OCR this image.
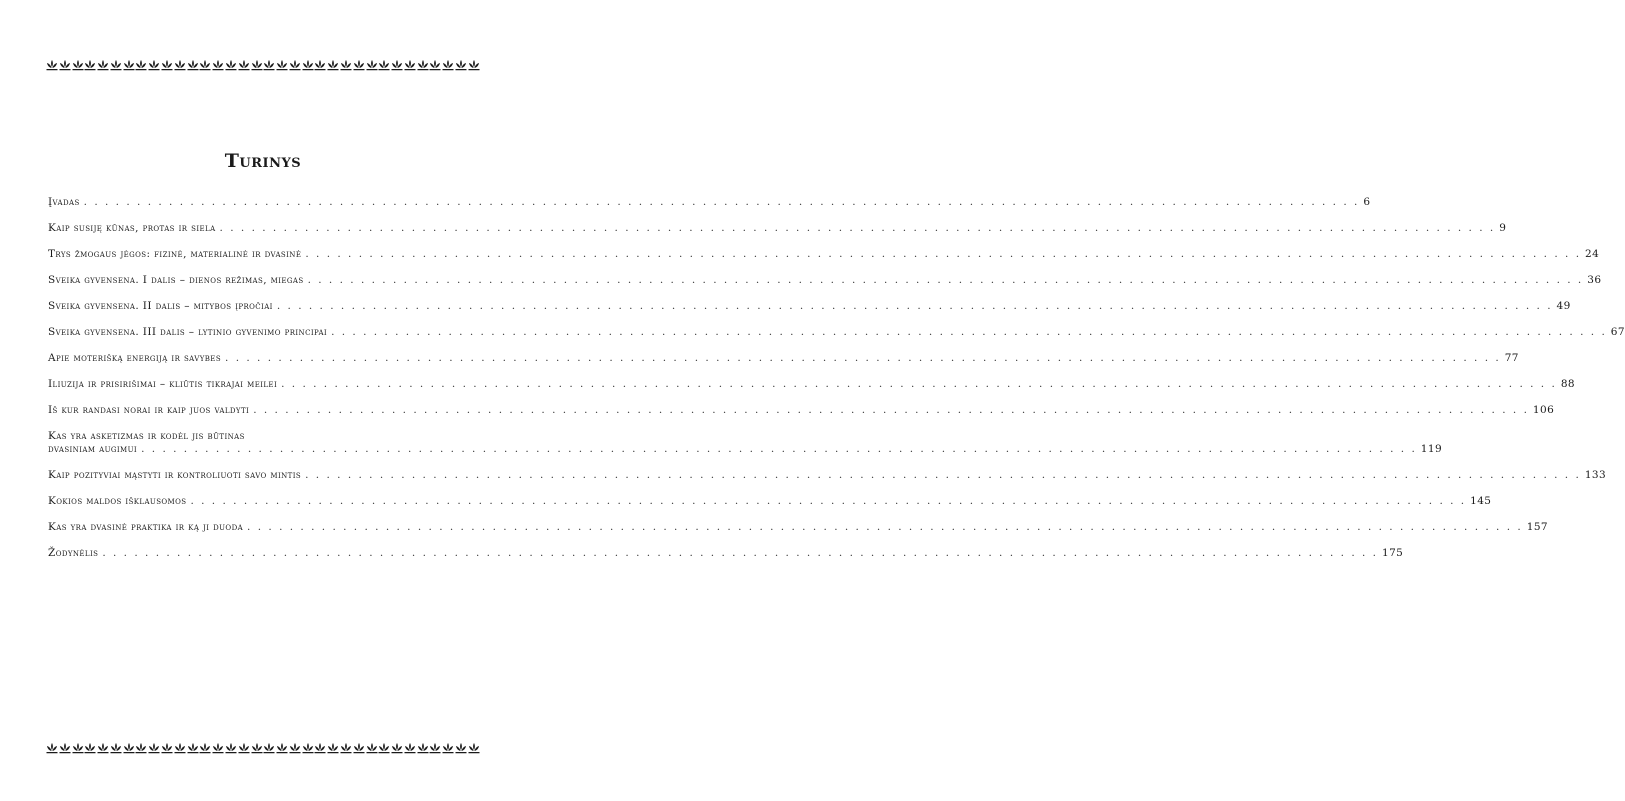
Turinys
Įvadas . . . . . . . . . . . . . . . . . . . . . . . . . . . . . . . . . . . . . . . . . . . . . . . . . . . . . . . . . . . . . . . . . . . . . . . . . . . . . . . . . . . . . . . . . . . . . . . . . . . . . . . . . . . . . . . . . . . . . . . . 6
Kaip susiję kūnas, protas ir siela . . . . . . . . . . . . . . . . . . . . . . . . . . . . . . . . . . . . . . . . . . . . . . . . . . . . . . . . . . . . . . . . . . . . . . . . . . . . . . . . . . . . . . . . . . . . . . . . . . . . . . . . . . . . . . . . . . . . . . . . 9
Trys žmogaus jėgos: fizinė, materialinė ir dvasinė . . . . . . . . . . . . . . . . . . . . . . . . . . . . . . . . . . . . . . . . . . . . . . . . . . . . . . . . . . . . . . . . . . . . . . . . . . . . . . . . . . . . . . . . . . . . . . . . . . . . . . . . . . . . . . . . . . . . . . . . 24
Sveika gyvensena. I dalis – dienos režimas, miegas . . . . . . . . . . . . . . . . . . . . . . . . . . . . . . . . . . . . . . . . . . . . . . . . . . . . . . . . . . . . . . . . . . . . . . . . . . . . . . . . . . . . . . . . . . . . . . . . . . . . . . . . . . . . . . . . . . . . . . . . 36
Sveika gyvensena. II dalis – mitybos įpročiai . . . . . . . . . . . . . . . . . . . . . . . . . . . . . . . . . . . . . . . . . . . . . . . . . . . . . . . . . . . . . . . . . . . . . . . . . . . . . . . . . . . . . . . . . . . . . . . . . . . . . . . . . . . . . . . . . . . . . . . . 49
Sveika gyvensena. III dalis – lytinio gyvenimo principai . . . . . . . . . . . . . . . . . . . . . . . . . . . . . . . . . . . . . . . . . . . . . . . . . . . . . . . . . . . . . . . . . . . . . . . . . . . . . . . . . . . . . . . . . . . . . . . . . . . . . . . . . . . . . . . . . . . . . . . . 67
Apie moterišką energiją ir savybes . . . . . . . . . . . . . . . . . . . . . . . . . . . . . . . . . . . . . . . . . . . . . . . . . . . . . . . . . . . . . . . . . . . . . . . . . . . . . . . . . . . . . . . . . . . . . . . . . . . . . . . . . . . . . . . . . . . . . . . . 77
Iliuzija ir prisirišimai – kliūtis tikrajai meilei . . . . . . . . . . . . . . . . . . . . . . . . . . . . . . . . . . . . . . . . . . . . . . . . . . . . . . . . . . . . . . . . . . . . . . . . . . . . . . . . . . . . . . . . . . . . . . . . . . . . . . . . . . . . . . . . . . . . . . . . 88
Iš kur randasi norai ir kaip juos valdyti . . . . . . . . . . . . . . . . . . . . . . . . . . . . . . . . . . . . . . . . . . . . . . . . . . . . . . . . . . . . . . . . . . . . . . . . . . . . . . . . . . . . . . . . . . . . . . . . . . . . . . . . . . . . . . . . . . . . . . . . 106
Kas yra asketizmas ir kodėl jis būtinas
dvasiniam augimui . . . . . . . . . . . . . . . . . . . . . . . . . . . . . . . . . . . . . . . . . . . . . . . . . . . . . . . . . . . . . . . . . . . . . . . . . . . . . . . . . . . . . . . . . . . . . . . . . . . . . . . . . . . . . . . . . . . . . . . . 119
Kaip pozityviai mąstyti ir kontroliuoti savo mintis . . . . . . . . . . . . . . . . . . . . . . . . . . . . . . . . . . . . . . . . . . . . . . . . . . . . . . . . . . . . . . . . . . . . . . . . . . . . . . . . . . . . . . . . . . . . . . . . . . . . . . . . . . . . . . . . . . . . . . . . 133
Kokios maldos išklausomos . . . . . . . . . . . . . . . . . . . . . . . . . . . . . . . . . . . . . . . . . . . . . . . . . . . . . . . . . . . . . . . . . . . . . . . . . . . . . . . . . . . . . . . . . . . . . . . . . . . . . . . . . . . . . . . . . . . . . . . . 145
Kas yra dvasinė praktika ir ką ji duoda . . . . . . . . . . . . . . . . . . . . . . . . . . . . . . . . . . . . . . . . . . . . . . . . . . . . . . . . . . . . . . . . . . . . . . . . . . . . . . . . . . . . . . . . . . . . . . . . . . . . . . . . . . . . . . . . . . . . . . . . 157
Žodynėlis . . . . . . . . . . . . . . . . . . . . . . . . . . . . . . . . . . . . . . . . . . . . . . . . . . . . . . . . . . . . . . . . . . . . . . . . . . . . . . . . . . . . . . . . . . . . . . . . . . . . . . . . . . . . . . . . . . . . . . . . 175
